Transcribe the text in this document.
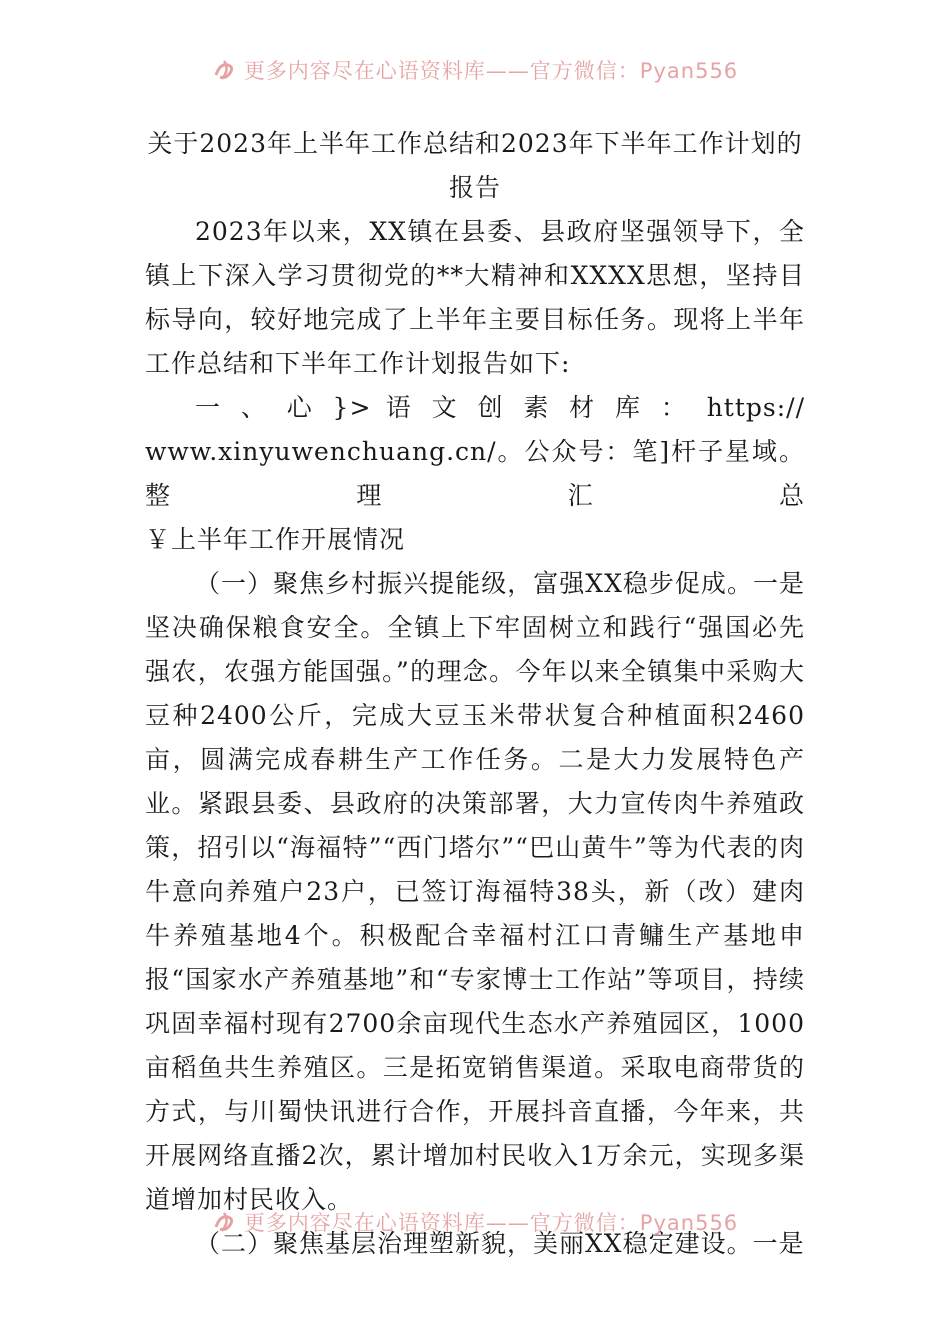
更多内容尽在心语资料库——官方微信：Pyan556
关于2023年上半年工作总结和2023年下半年工作计划的报告

2023年以来，XX镇在县委、县政府坚强领导下，全镇上下深入学习贯彻党的**大精神和XXXX思想，坚持目标导向，较好地完成了上半年主要目标任务。现将上半年工作总结和下半年工作计划报告如下:

一 、 心 }> 语 文 创 素 材 库 ： https://

www.xinyuwenchuang.cn/。公众号：笔]杆子星域。整理汇总

￥上半年工作开展情况

（一）聚焦乡村振兴提能级，富强XX稳步促成。一是坚决确保粮食安全。全镇上下牢固树立和践行“强国必先强农，农强方能国强。”的理念。今年以来全镇集中采购大豆种2400公斤，完成大豆玉米带状复合种植面积2460亩，圆满完成春耕生产工作任务。二是大力发展特色产业。紧跟县委、县政府的决策部署，大力宣传肉牛养殖政策，招引以“海福特”“西门塔尔”“巴山黄牛”等为代表的肉牛意向养殖户23户，已签订海福特38头，新（改）建肉牛养殖基地4个。积极配合幸福村江口青鳙生产基地申报“国家水产养殖基地”和“专家博士工作站”等项目，持续巩固幸福村现有2700余亩现代生态水产养殖园区，1000亩稻鱼共生养殖区。三是拓宽销售渠道。采取电商带货的方式，与川蜀快讯进行合作，开展抖音直播，今年来，共开展网络直播2次，累计增加村民收入1万余元，实现多渠道增加村民收入。

（二）聚焦基层治理塑新貌，美丽XX稳定建设。一是

更多内容尽在心语资料库——官方微信：Pyan556
